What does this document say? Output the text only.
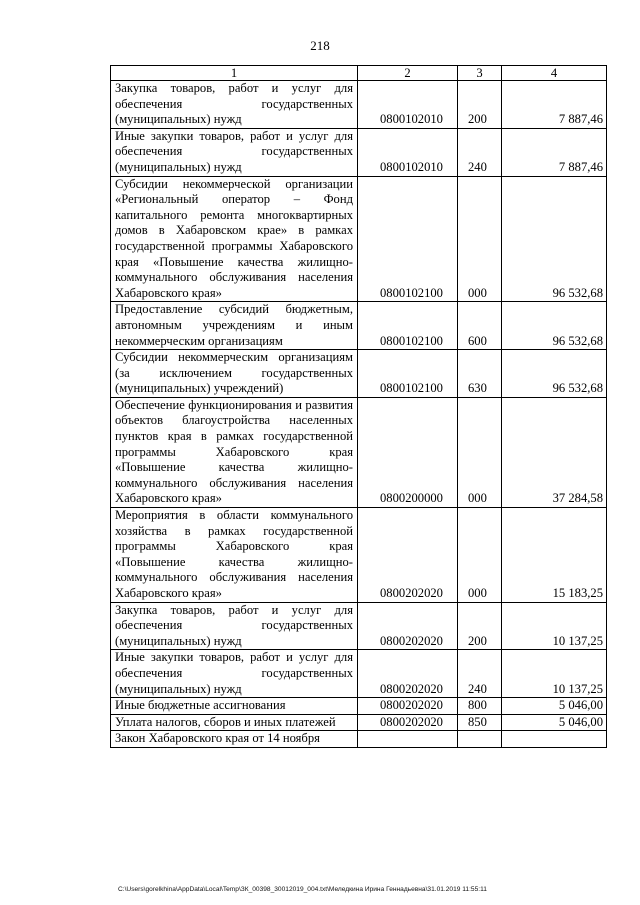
218
1	2	3	4
Закупка товаров, работ и услуг для обеспечения государственных (муниципальных) нужд	0800102010	200	7 887,46
Иные закупки товаров, работ и услуг для обеспечения государственных (муниципальных) нужд	0800102010	240	7 887,46
Субсидии некоммерческой организации «Региональный оператор – Фонд капитального ремонта многоквартирных домов в Хабаровском крае» в рамках государственной программы Хабаровского края «Повышение качества жилищно-коммунального обслуживания населения Хабаровского края»	0800102100	000	96 532,68
Предоставление субсидий бюджетным, автономным учреждениям и иным некоммерческим организациям	0800102100	600	96 532,68
Субсидии некоммерческим организациям (за исключением государственных (муниципальных) учреждений)	0800102100	630	96 532,68
Обеспечение функционирования и развития объектов благоустройства населенных пунктов края в рамках государственной программы Хабаровского края «Повышение качества жилищно-коммунального обслуживания населения Хабаровского края»	0800200000	000	37 284,58
Мероприятия в области коммунального хозяйства в рамках государственной программы Хабаровского края «Повышение качества жилищно-коммунального обслуживания населения Хабаровского края»	0800202020	000	15 183,25
Закупка товаров, работ и услуг для обеспечения государственных (муниципальных) нужд	0800202020	200	10 137,25
Иные закупки товаров, работ и услуг для обеспечения государственных (муниципальных) нужд	0800202020	240	10 137,25
Иные бюджетные ассигнования	0800202020	800	5 046,00
Уплата налогов, сборов и иных платежей	0800202020	850	5 046,00
Закон Хабаровского края от 14 ноября			
C:\Users\gorelkhina\AppData\Local\Temp\ЗК_00398_30012019_004.txt\Меледкина Ирина Геннадьевна\31.01.2019 11:55:11
